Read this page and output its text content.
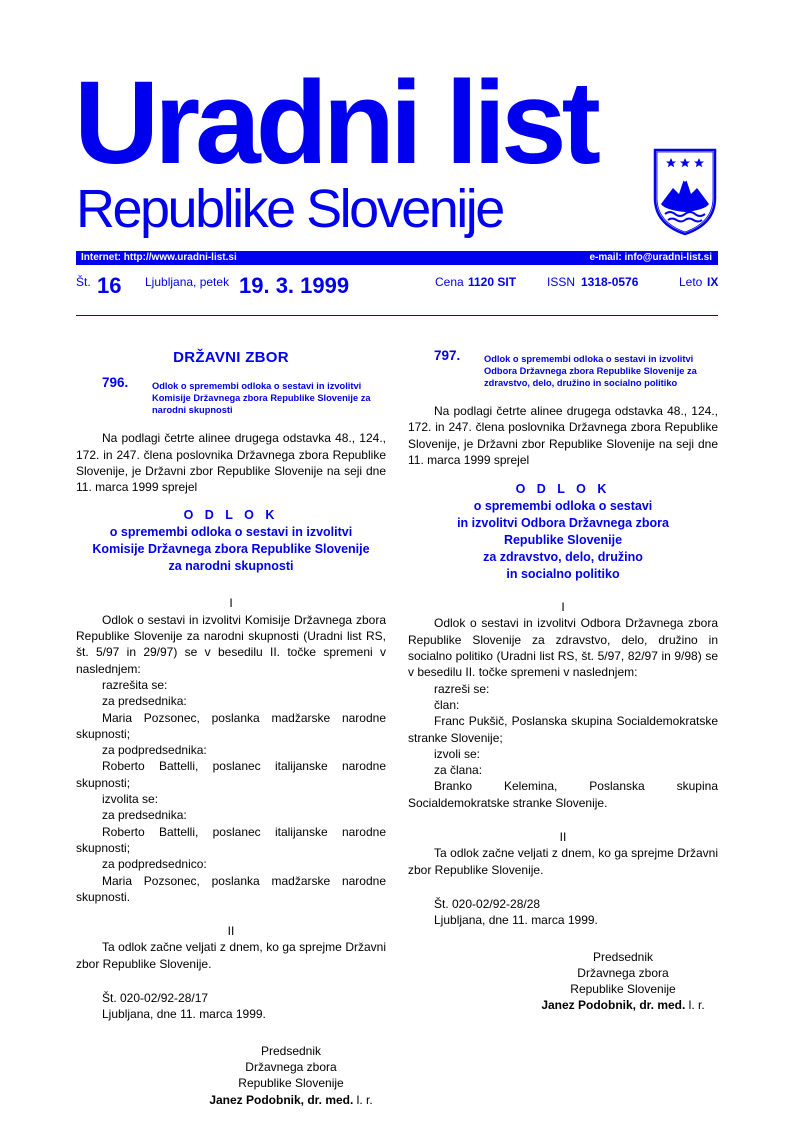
Uradni list
Republike Slovenije
Internet: http://www.uradni-list.si	e-mail: info@uradni-list.si
Št. 16 Ljubljana, petek 19. 3. 1999	Cena 1120 SIT	ISSN 1318-0576	Leto IX
DRŽAVNI ZBOR
796.	Odlok o spremembi odloka o sestavi in izvolitvi Komisije Državnega zbora Republike Slovenije za narodni skupnosti

Na podlagi četrte alinee drugega odstavka 48., 124., 172. in 247. člena poslovnika Državnega zbora Republike Slovenije, je Državni zbor Republike Slovenije na seji dne 11. marca 1999 sprejel

O D L O K
o spremembi odloka o sestavi in izvolitvi
Komisije Državnega zbora Republike Slovenije
za narodni skupnosti

I

Odlok o sestavi in izvolitvi Komisije Državnega zbora Republike Slovenije za narodni skupnosti (Uradni list RS, št. 5/97 in 29/97) se v besedilu II. točke spremeni v naslednjem:

razrešita se:

za predsednika:

Maria Pozsonec, poslanka madžarske narodne skupnosti;

za podpredsednika:

Roberto Battelli, poslanec italijanske narodne skupnosti;

izvolita se:

za predsednika:

Roberto Battelli, poslanec italijanske narodne skupnosti;

za podpredsednico:

Maria Pozsonec, poslanka madžarske narodne skupnosti.

II

Ta odlok začne veljati z dnem, ko ga sprejme Državni zbor Republike Slovenije.

Št. 020-02/92-28/17

Ljubljana, dne 11. marca 1999.

Predsednik
Državnega zbora
Republike Slovenije
Janez Podobnik, dr. med. l. r.
797.	Odlok o spremembi odloka o sestavi in izvolitvi Odbora Državnega zbora Republike Slovenije za zdravstvo, delo, družino in socialno politiko

Na podlagi četrte alinee drugega odstavka 48., 124., 172. in 247. člena poslovnika Državnega zbora Republike Slovenije, je Državni zbor Republike Slovenije na seji dne 11. marca 1999 sprejel

O D L O K
o spremembi odloka o sestavi
in izvolitvi Odbora Državnega zbora
Republike Slovenije
za zdravstvo, delo, družino
in socialno politiko

I

Odlok o sestavi in izvolitvi Odbora Državnega zbora Republike Slovenije za zdravstvo, delo, družino in socialno politiko (Uradni list RS, št. 5/97, 82/97 in 9/98) se v besedilu II. točke spremeni v naslednjem:

razreši se:

član:

Franc Pukšič, Poslanska skupina Socialdemokratske stranke Slovenije;

izvoli se:

za člana:

Branko Kelemina, Poslanska skupina Socialdemokratske stranke Slovenije.

II

Ta odlok začne veljati z dnem, ko ga sprejme Državni zbor Republike Slovenije.

Št. 020-02/92-28/28

Ljubljana, dne 11. marca 1999.

Predsednik
Državnega zbora
Republike Slovenije
Janez Podobnik, dr. med. l. r.
